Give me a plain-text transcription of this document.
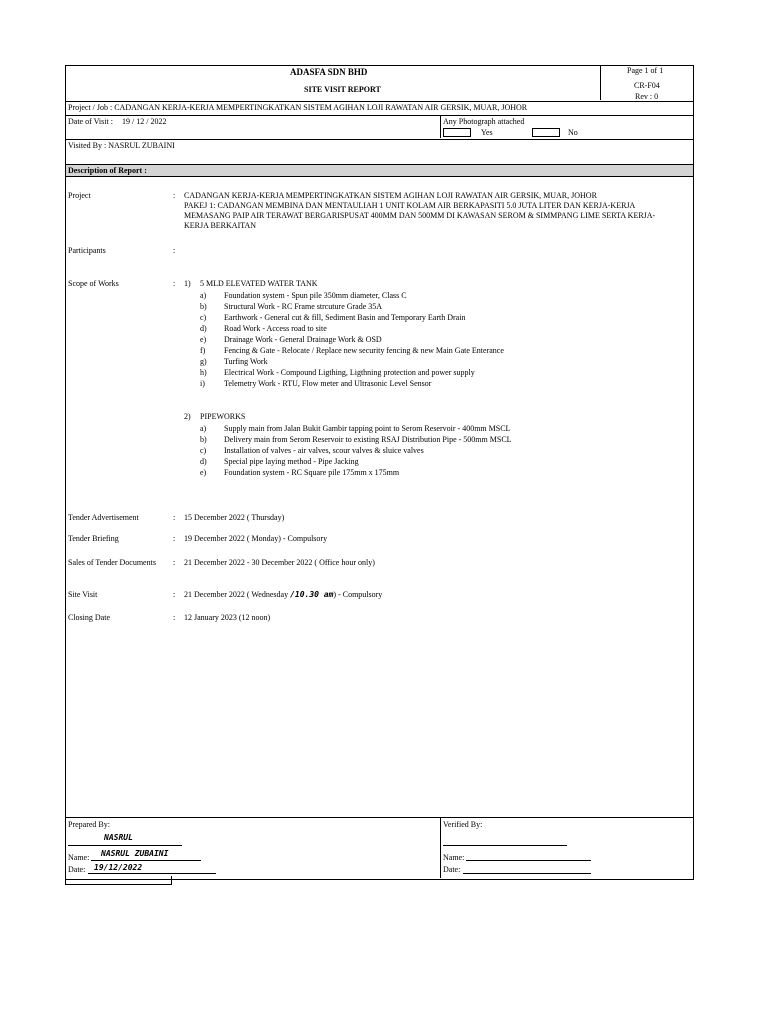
ADASFA SDN BHD
SITE VISIT REPORT
Page 1 of 1
CR-F04
Rev : 0
Project / Job : CADANGAN KERJA-KERJA MEMPERTINGKATKAN SISTEM AGIHAN LOJI RAWATAN AIR GERSIK, MUAR, JOHOR
Date of Visit : 19 / 12 / 2022	Any Photograph attached
Yes	No
Visited By : NASRUL ZUBAINI
Description of Report :
Project	: CADANGAN KERJA-KERJA MEMPERTINGKATKAN SISTEM AGIHAN LOJI RAWATAN AIR GERSIK, MUAR, JOHOR
PAKEJ 1: CADANGAN MEMBINA DAN MENTAULIAH 1 UNIT KOLAM AIR BERKAPASITI 5.0 JUTA LITER DAN KERJA-KERJA
MEMASANG PAIP AIR TERAWAT BERGARISPUSAT 400MM DAN 500MM DI KAWASAN SEROM & SIMMPANG LIME SERTA KERJA-
KERJA BERKAITAN
Participants	:
Scope of Works	: 1) 5 MLD ELEVATED WATER TANK
a) Foundation system - Spun pile 350mm diameter, Class C
b) Structural Work - RC Frame strcuture Grade 35A
c) Earthwork - General cut & fill, Sediment Basin and Temporary Earth Drain
d) Road Work - Access road to site
e) Drainage Work - General Drainage Work & OSD
f) Fencing & Gate - Relocate / Replace new security fencing & new Main Gate Enterance
g) Turfing Work
h) Electrical Work - Compound Ligthing, Ligthning protection and power supply
i) Telemetry Work - RTU, Flow meter and Ultrasonic Level Sensor
2) PIPEWORKS
a) Supply main from Jalan Bukit Gambir tapping point to Serom Reservoir - 400mm MSCL
b) Delivery main from Serom Reservoir to existing RSAJ Distribution Pipe - 500mm MSCL
c) Installation of valves - air valves, scour valves & sluice valves
d) Special pipe laying method - Pipe Jacking
e) Foundation system - RC Square pile 175mm x 175mm
Tender Advertisement	: 15 December 2022 ( Thursday)
Tender Briefing	: 19 December 2022 ( Monday) - Compulsory
Sales of Tender Documents : 21 December 2022 - 30 December 2022 ( Office hour only)
Site Visit	: 21 December 2022 ( Wednesday /10.30 am) - Compulsory
Closing Date	: 12 January 2023 (12 noon)
Prepared By:
NASRUL
Name: NASRUL ZUBAINI
Date: 19/12/2022
Verified By:
Name:
Date:
